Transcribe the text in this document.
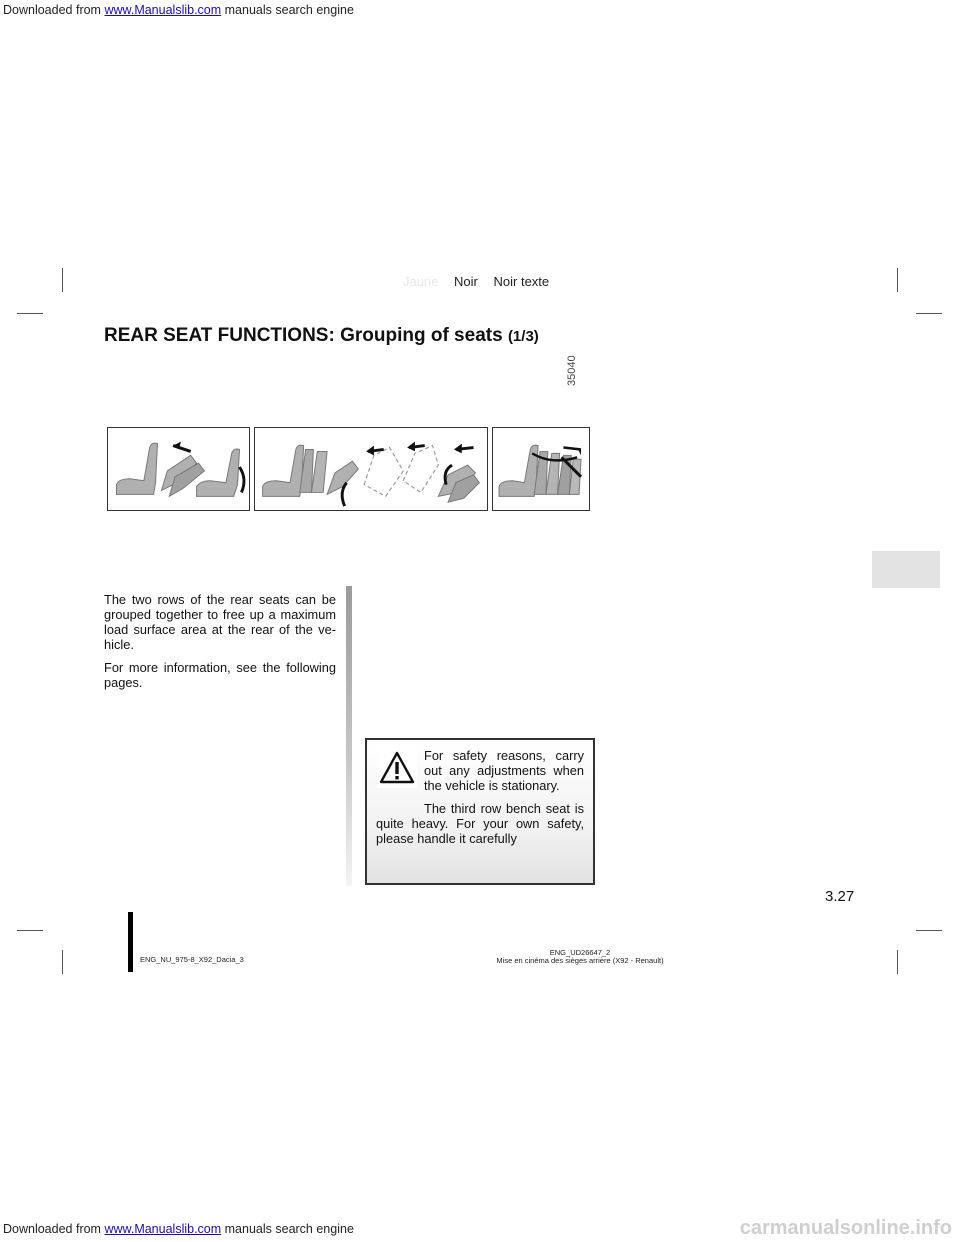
Downloaded from www.Manualslib.com manuals search engine
Jaune Noir Noir texte
REAR SEAT FUNCTIONS: Grouping of seats (1/3)
35040

The two rows of the rear seats can be grouped together to free up a maximum load surface area at the rear of the ve-hicle.

For more information, see the following pages.

For safety reasons, carry out any adjustments when the vehicle is stationary.

The third row bench seat is quite heavy. For your own safety, please handle it carefully

3.27
ENG_NU_975-8_X92_Dacia_3
ENG_UD26647_2
Mise en cinéma des sièges arrière (X92 - Renault)
Downloaded from www.Manualslib.com manuals search engine	carmanualsonline.info
